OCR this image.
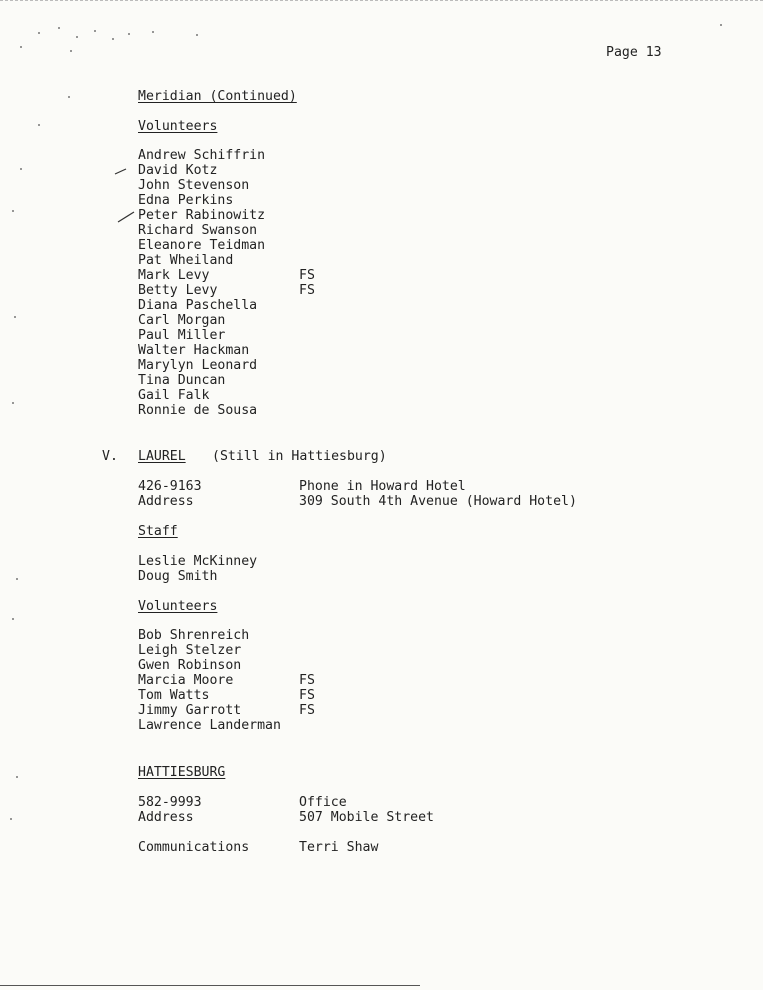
Page 13
Meridian (Continued)
Volunteers
Andrew Schiffrin
David Kotz
John Stevenson
Edna Perkins
Peter Rabinowitz
Richard Swanson
Eleanore Teidman
Pat Wheiland
Mark Levy	FS
Betty Levy	FS
Diana Paschella
Carl Morgan
Paul Miller
Walter Hackman
Marylyn Leonard
Tina Duncan
Gail Falk
Ronnie de Sousa
V. LAUREL (Still in Hattiesburg)
426-9163	Phone in Howard Hotel
Address	309 South 4th Avenue (Howard Hotel)
Staff
Leslie McKinney
Doug Smith
Volunteers
Bob Shrenreich
Leigh Stelzer
Gwen Robinson
Marcia Moore	FS
Tom Watts	FS
Jimmy Garrott	FS
Lawrence Landerman
HATTIESBURG
582-9993	Office
Address	507 Mobile Street
Communications	Terri Shaw
